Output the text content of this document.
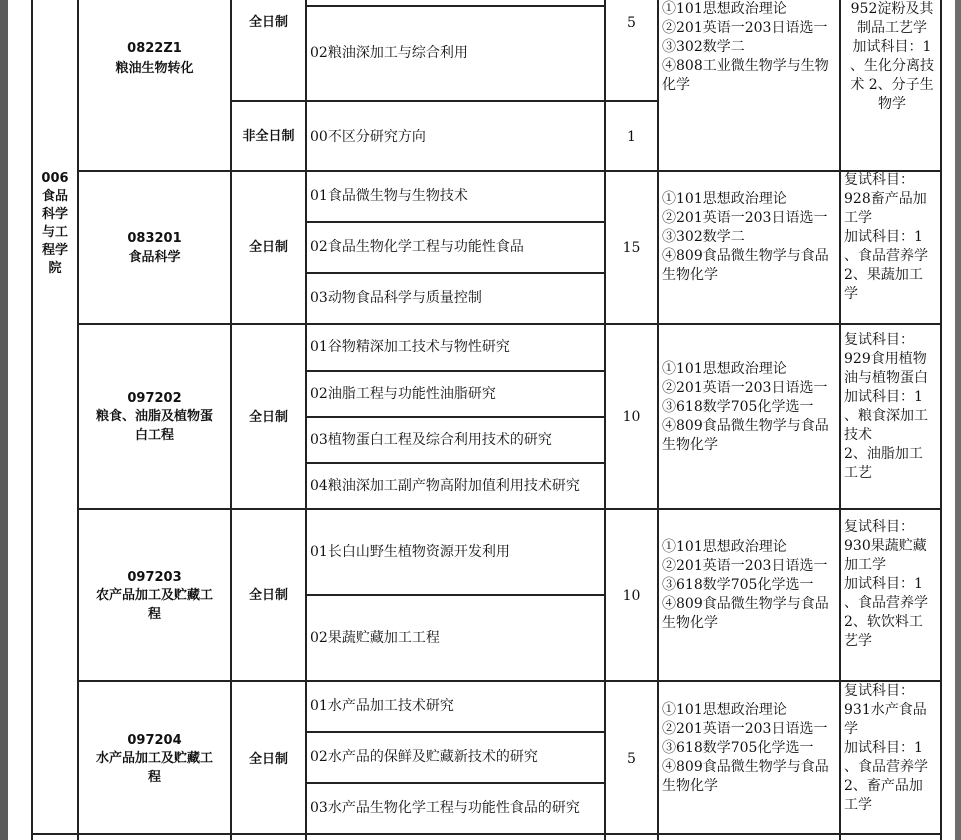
006
食品
科学
与工
程学
院
0822Z1
粮油生物转化
全日制
非全日制
02粮油深加工与综合利用
00不区分研究方向
5
1
①101思想政治理论
②201英语一203日语选一
③302数学二
④808工业微生物学与生物
化学
952淀粉及其
制品工艺学
加试科目：1
、生化分离技
术 2、分子生
物学
083201
食品科学
全日制
01食品微生物与生物技术
02食品生物化学工程与功能性食品
03动物食品科学与质量控制
15
①101思想政治理论
②201英语一203日语选一
③302数学二
④809食品微生物学与食品
生物化学
复试科目：
928畜产品加
工学
加试科目：1
、食品营养学
2、果蔬加工
学
097202
粮食、油脂及植物蛋
白工程
全日制
01谷物精深加工技术与物性研究
02油脂工程与功能性油脂研究
03植物蛋白工程及综合利用技术的研究
04粮油深加工副产物高附加值利用技术研究
10
①101思想政治理论
②201英语一203日语选一
③618数学705化学选一
④809食品微生物学与食品
生物化学
复试科目：
929食用植物
油与植物蛋白
加试科目：1
、粮食深加工
技术
2、油脂加工
工艺
097203
农产品加工及贮藏工
程
全日制
01长白山野生植物资源开发利用
02果蔬贮藏加工工程
10
①101思想政治理论
②201英语一203日语选一
③618数学705化学选一
④809食品微生物学与食品
生物化学
复试科目：
930果蔬贮藏
加工学
加试科目：1
、食品营养学
2、软饮料工
艺学
097204
水产品加工及贮藏工
程
全日制
01水产品加工技术研究
02水产品的保鲜及贮藏新技术的研究
03水产品生物化学工程与功能性食品的研究
5
①101思想政治理论
②201英语一203日语选一
③618数学705化学选一
④809食品微生物学与食品
生物化学
复试科目：
931水产食品
学
加试科目：1
、食品营养学
2、畜产品加
工学
